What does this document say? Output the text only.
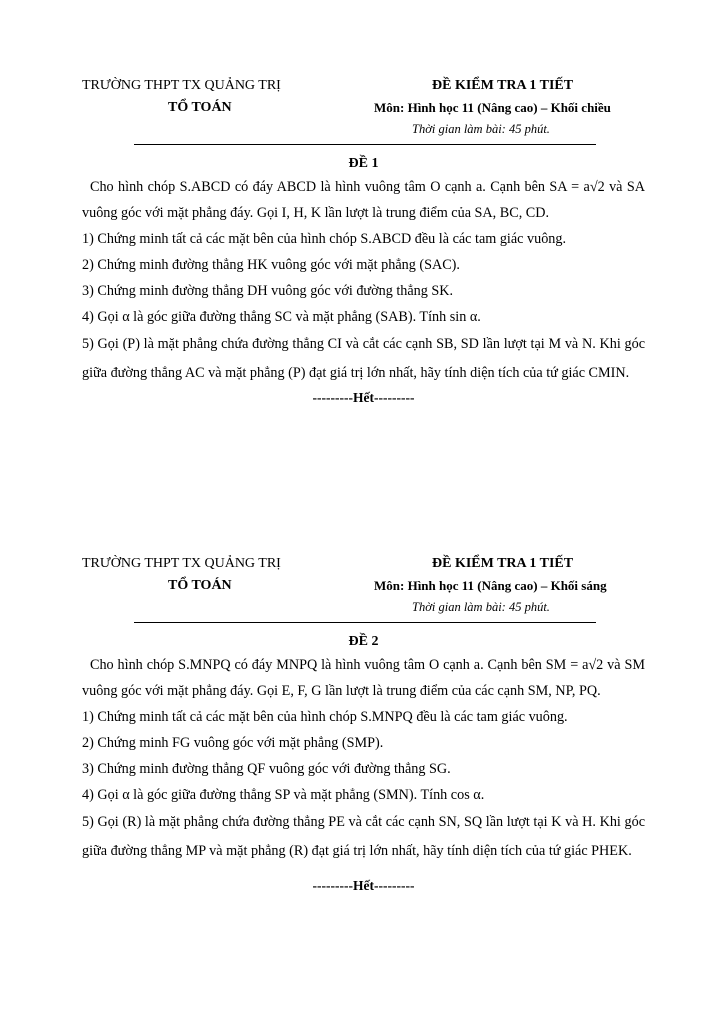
TRƯỜNG THPT TX QUẢNG TRỊ
TỔ TOÁN
ĐỀ KIỂM TRA 1 TIẾT
Môn: Hình học 11 (Nâng cao) – Khối chiều
Thời gian làm bài: 45 phút.
ĐỀ 1

Cho hình chóp S.ABCD có đáy ABCD là hình vuông tâm O cạnh a. Cạnh bên SA = a√2 và SA vuông góc với mặt phẳng đáy. Gọi I, H, K lần lượt là trung điểm của SA, BC, CD.

1) Chứng minh tất cả các mặt bên của hình chóp S.ABCD đều là các tam giác vuông.

2) Chứng minh đường thẳng HK vuông góc với mặt phẳng (SAC).

3) Chứng minh đường thẳng DH vuông góc với đường thẳng SK.

4) Gọi α là góc giữa đường thẳng SC và mặt phẳng (SAB). Tính sin α.

5) Gọi (P) là mặt phẳng chứa đường thẳng CI và cắt các cạnh SB, SD lần lượt tại M và N. Khi góc giữa đường thẳng AC và mặt phẳng (P) đạt giá trị lớn nhất, hãy tính diện tích của tứ giác CMIN.

---------Hết---------
TRƯỜNG THPT TX QUẢNG TRỊ
TỔ TOÁN
ĐỀ KIỂM TRA 1 TIẾT
Môn: Hình học 11 (Nâng cao) – Khối sáng
Thời gian làm bài: 45 phút.
ĐỀ 2

Cho hình chóp S.MNPQ có đáy MNPQ là hình vuông tâm O cạnh a. Cạnh bên SM = a√2 và SM vuông góc với mặt phẳng đáy. Gọi E, F, G lần lượt là trung điểm của các cạnh SM, NP, PQ.

1) Chứng minh tất cả các mặt bên của hình chóp S.MNPQ đều là các tam giác vuông.

2) Chứng minh FG vuông góc với mặt phẳng (SMP).

3) Chứng minh đường thẳng QF vuông góc với đường thẳng SG.

4) Gọi α là góc giữa đường thẳng SP và mặt phẳng (SMN). Tính cos α.

5) Gọi (R) là mặt phẳng chứa đường thẳng PE và cắt các cạnh SN, SQ lần lượt tại K và H. Khi góc giữa đường thẳng MP và mặt phẳng (R) đạt giá trị lớn nhất, hãy tính diện tích của tứ giác PHEK.

---------Hết---------
